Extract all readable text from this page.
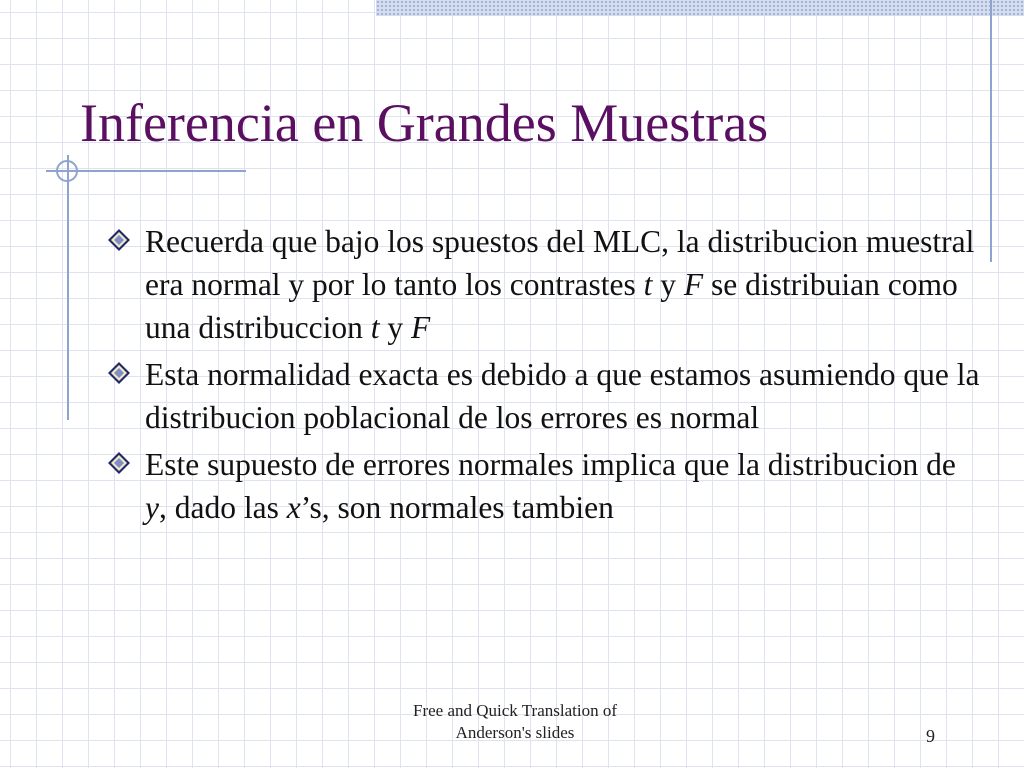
Inferencia en Grandes Muestras
Recuerda que bajo los spuestos del MLC, la distribucion muestral era normal y por lo tanto los contrastes t y F se distribuian como una distribuccion t y F
Esta normalidad exacta es debido a que estamos asumiendo que la distribucion poblacional de los errores es normal
Este supuesto de errores normales implica que la distribucion de y, dado las x’s, son normales tambien
Free and Quick Translation of
Anderson's slides	9
